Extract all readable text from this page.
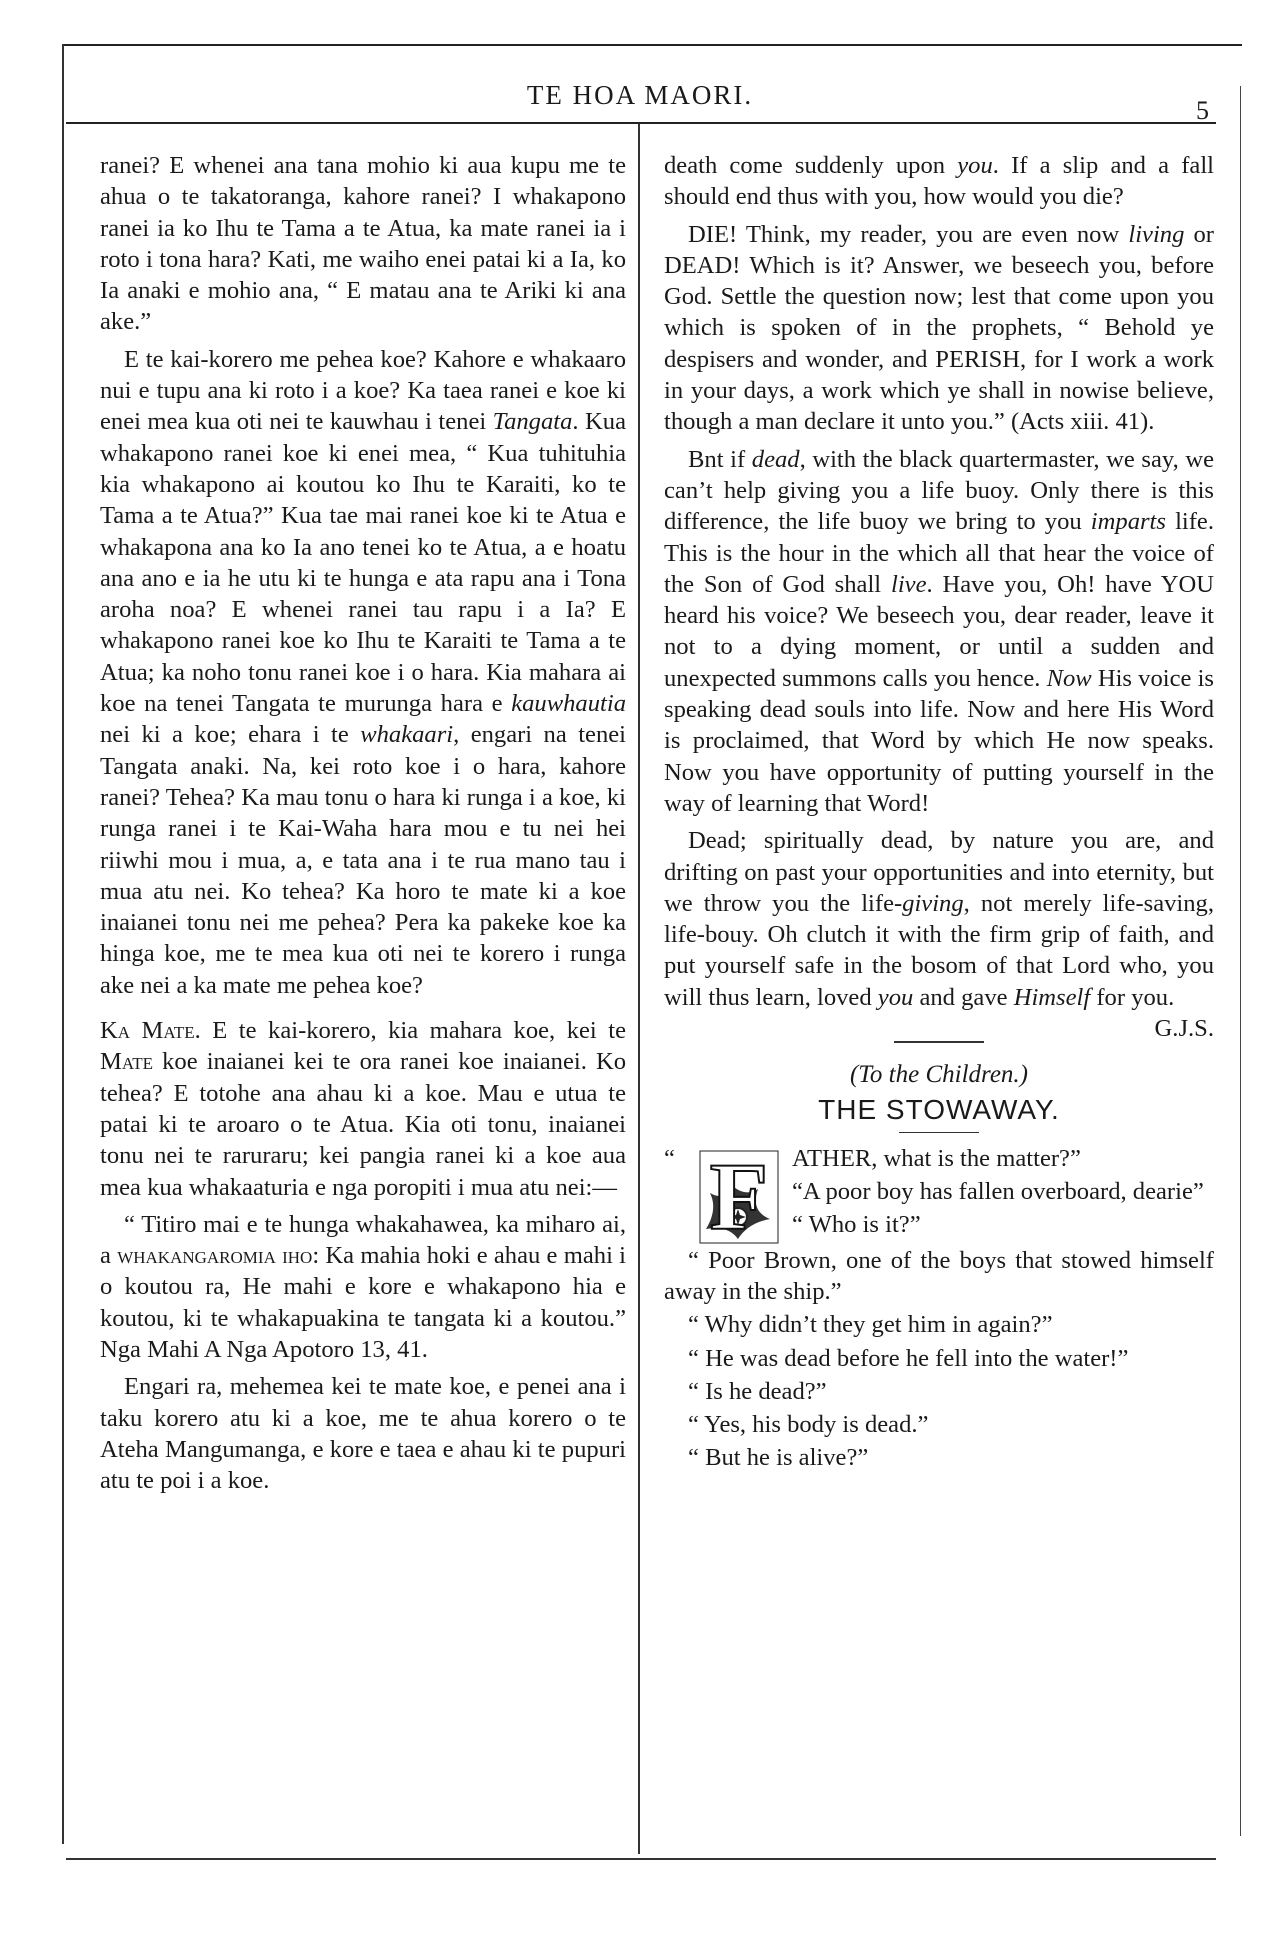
TE HOA MAORI.
5

ranei? E whenei ana tana mohio ki aua kupu me te ahua o te takatoranga, kahore ranei? I whakapono ranei ia ko Ihu te Tama a te Atua, ka mate ranei ia i roto i tona hara? Kati, me waiho enei patai ki a Ia, ko Ia anaki e mohio ana, “ E matau ana te Ariki ki ana ake.”

E te kai-korero me pehea koe? Kahore e whakaaro nui e tupu ana ki roto i a koe? Ka taea ranei e koe ki enei mea kua oti nei te kauwhau i tenei Tangata. Kua whakapono ranei koe ki enei mea, “ Kua tuhituhia kia whakapono ai koutou ko Ihu te Karaiti, ko te Tama a te Atua?” Kua tae mai ranei koe ki te Atua e whakapona ana ko Ia ano tenei ko te Atua, a e hoatu ana ano e ia he utu ki te hunga e ata rapu ana i Tona aroha noa? E whenei ranei tau rapu i a Ia? E whakapono ranei koe ko Ihu te Karaiti te Tama a te Atua; ka noho tonu ranei koe i o hara. Kia mahara ai koe na tenei Tangata te murunga hara e kauwhautia nei ki a koe; ehara i te whakaari, engari na tenei Tangata anaki. Na, kei roto koe i o hara, kahore ranei? Tehea? Ka mau tonu o hara ki runga i a koe, ki runga ranei i te Kai-Waha hara mou e tu nei hei riiwhi mou i mua, a, e tata ana i te rua mano tau i mua atu nei. Ko tehea? Ka horo te mate ki a koe inaianei tonu nei me pehea? Pera ka pakeke koe ka hinga koe, me te mea kua oti nei te korero i runga ake nei a ka mate me pehea koe?

Ka Mate. E te kai-korero, kia mahara koe, kei te Mate koe inaianei kei te ora ranei koe inaianei. Ko tehea? E totohe ana ahau ki a koe. Mau e utua te patai ki te aroaro o te Atua. Kia oti tonu, inaianei tonu nei te raruraru; kei pangia ranei ki a koe aua mea kua whakaaturia e nga poropiti i mua atu nei:—

“ Titiro mai e te hunga whakahawea, ka miharo ai, a whakangaromia iho: Ka mahia hoki e ahau e mahi i o koutou ra, He mahi e kore e whakapono hia e koutou, ki te whakapuakina te tangata ki a koutou.” Nga Mahi A Nga Apotoro 13, 41.

Engari ra, mehemea kei te mate koe, e penei ana i taku korero atu ki a koe, me te ahua korero o te Ateha Mangumanga, e kore e taea e ahau ki te pupuri atu te poi i a koe.

death come suddenly upon you. If a slip and a fall should end thus with you, how would you die?

DIE! Think, my reader, you are even now living or DEAD! Which is it? Answer, we beseech you, before God. Settle the question now; lest that come upon you which is spoken of in the prophets, “ Behold ye despisers and wonder, and PERISH, for I work a work in your days, a work which ye shall in nowise believe, though a man declare it unto you.” (Acts xiii. 41).

Bnt if dead, with the black quartermaster, we say, we can’t help giving you a life buoy. Only there is this difference, the life buoy we bring to you imparts life. This is the hour in the which all that hear the voice of the Son of God shall live. Have you, Oh! have YOU heard his voice? We beseech you, dear reader, leave it not to a dying moment, or until a sudden and unexpected summons calls you hence. Now His voice is speaking dead souls into life. Now and here His Word is proclaimed, that Word by which He now speaks. Now you have opportunity of putting yourself in the way of learning that Word!

Dead; spiritually dead, by nature you are, and drifting on past your opportunities and into eternity, but we throw you the life-giving, not merely life-saving, life-bouy. Oh clutch it with the firm grip of faith, and put yourself safe in the bosom of that Lord who, you will thus learn, loved you and gave Himself for you.
G.J.S.

(To the Children.)
THE STOWAWAY.
“ F ATHER, what is the matter?”

“A poor boy has fallen overboard, dearie”

“ Who is it?”

“ Poor Brown, one of the boys that stowed himself away in the ship.”

“ Why didn’t they get him in again?”

“ He was dead before he fell into the water!”

“ Is he dead?”

“ Yes, his body is dead.”

“ But he is alive?”
